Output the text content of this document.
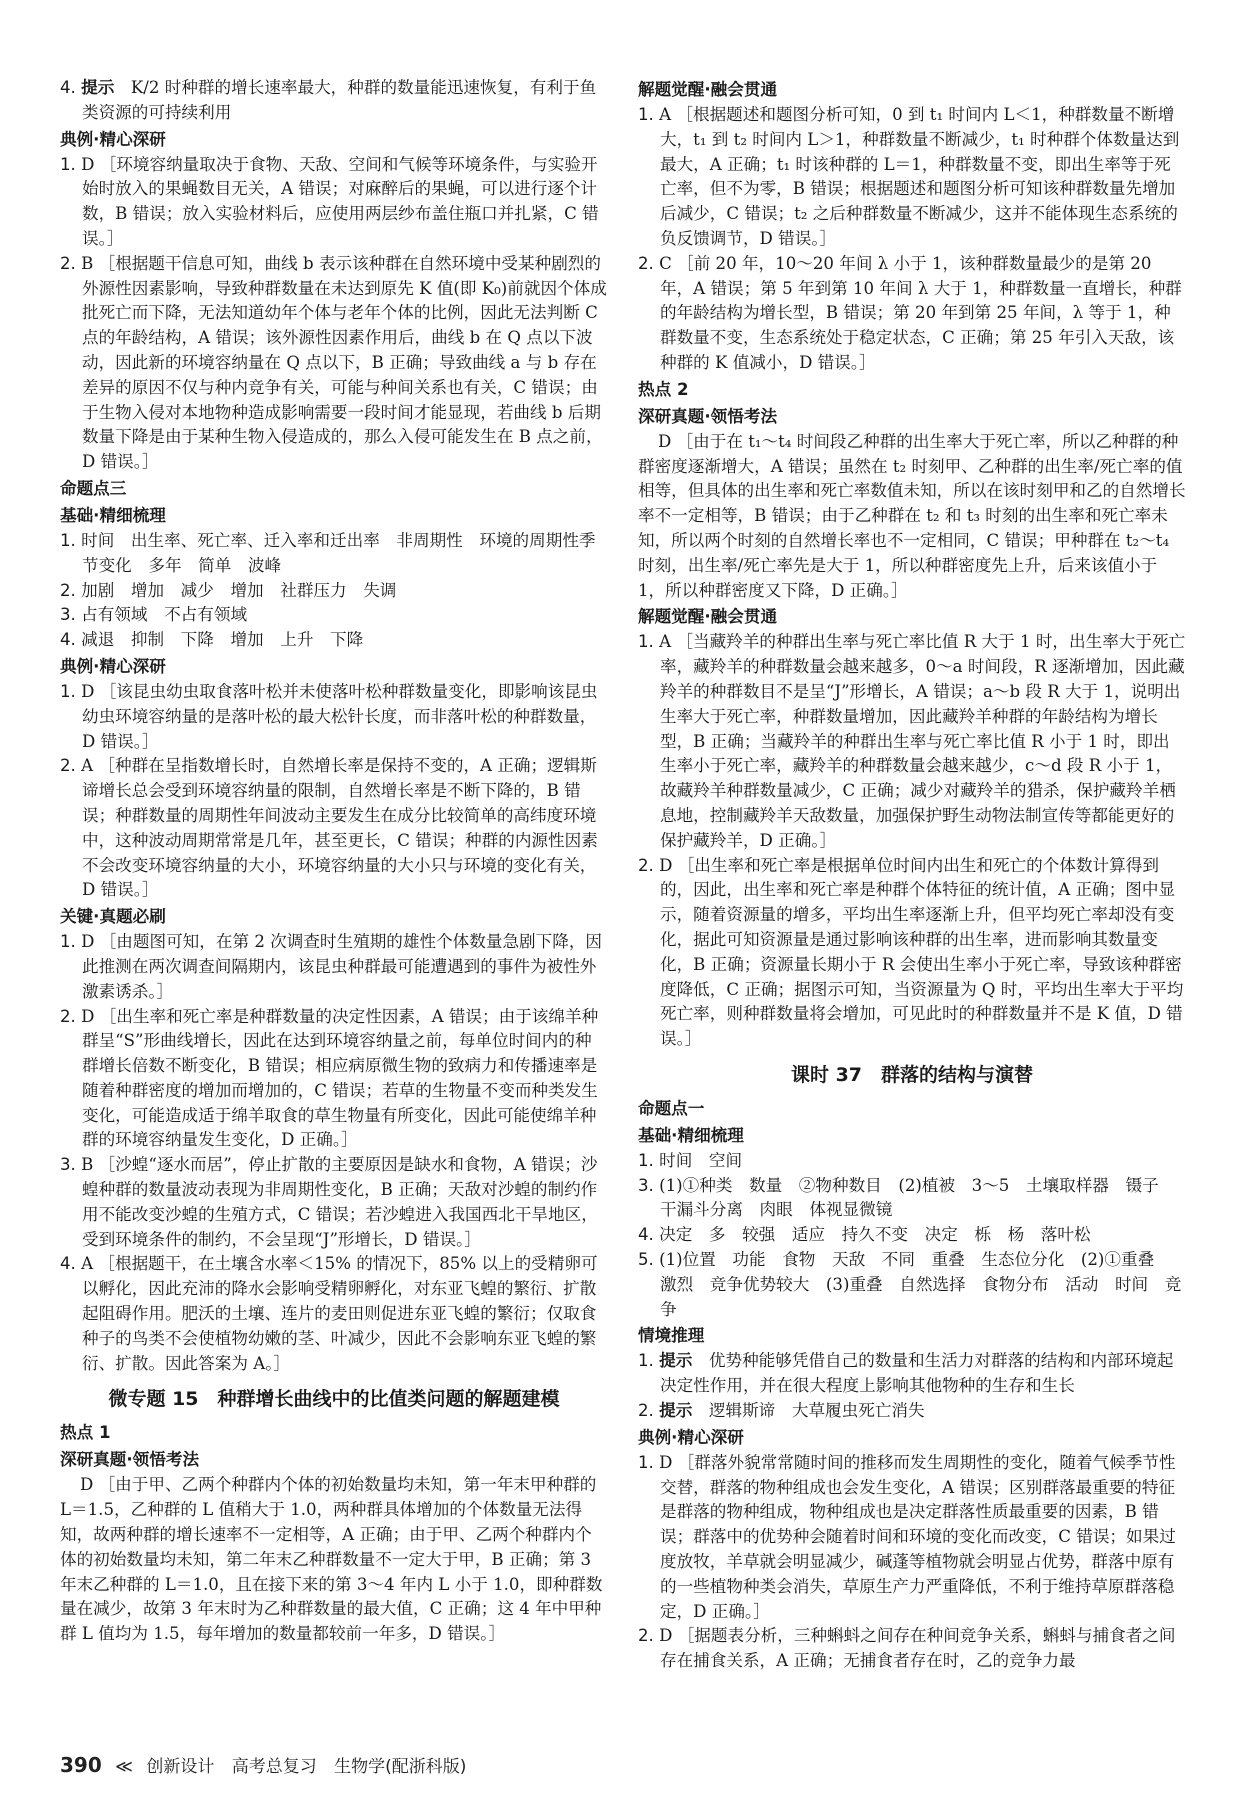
4. 提示　 K/2 时种群的增长速率最大，种群的数量能迅速恢复，有利于鱼类资源的可持续利用

典例·精心深研

1. D ［环境容纳量取决于食物、天敌、空间和气候等环境条件，与实验开始时放入的果蝇数目无关，A 错误；对麻醉后的果蝇，可以进行逐个计数，B 错误；放入实验材料后，应使用两层纱布盖住瓶口并扎紧，C 错误。］

2. B ［根据题干信息可知，曲线 b 表示该种群在自然环境中受某种剧烈的外源性因素影响，导致种群数量在未达到原先 K 值(即 K₀)前就因个体成批死亡而下降，无法知道幼年个体与老年个体的比例，因此无法判断 C 点的年龄结构，A 错误；该外源性因素作用后，曲线 b 在 Q 点以下波动，因此新的环境容纳量在 Q 点以下，B 正确；导致曲线 a 与 b 存在差异的原因不仅与种内竞争有关，可能与种间关系也有关，C 错误；由于生物入侵对本地物种造成影响需要一段时间才能显现，若曲线 b 后期数量下降是由于某种生物入侵造成的，那么入侵可能发生在 B 点之前，D 错误。］

命题点三
基础·精细梳理

1. 时间　出生率、死亡率、迁入率和迁出率　非周期性　环境的周期性季节变化　多年　简单　波峰

2. 加剧　增加　减少　增加　社群压力　失调

3. 占有领域　不占有领域

4. 减退　抑制　下降　增加　上升　下降

典例·精心深研

1. D ［该昆虫幼虫取食落叶松并未使落叶松种群数量变化，即影响该昆虫幼虫环境容纳量的是落叶松的最大松针长度，而非落叶松的种群数量，D 错误。］

2. A ［种群在呈指数增长时，自然增长率是保持不变的，A 正确；逻辑斯谛增长总会受到环境容纳量的限制，自然增长率是不断下降的，B 错误；种群数量的周期性年间波动主要发生在成分比较简单的高纬度环境中，这种波动周期常常是几年，甚至更长，C 错误；种群的内源性因素不会改变环境容纳量的大小，环境容纳量的大小只与环境的变化有关，D 错误。］

关键·真题必刷

1. D ［由题图可知，在第 2 次调查时生殖期的雄性个体数量急剧下降，因此推测在两次调查间隔期内，该昆虫种群最可能遭遇到的事件为被性外激素诱杀。］

2. D ［出生率和死亡率是种群数量的决定性因素，A 错误；由于该绵羊种群呈“S”形曲线增长，因此在达到环境容纳量之前，每单位时间内的种群增长倍数不断变化，B 错误；相应病原微生物的致病力和传播速率是随着种群密度的增加而增加的，C 错误；若草的生物量不变而种类发生变化，可能造成适于绵羊取食的草生物量有所变化，因此可能使绵羊种群的环境容纳量发生变化，D 正确。］

3. B ［沙蝗“逐水而居”，停止扩散的主要原因是缺水和食物，A 错误；沙蝗种群的数量波动表现为非周期性变化，B 正确；天敌对沙蝗的制约作用不能改变沙蝗的生殖方式，C 错误；若沙蝗进入我国西北干旱地区，受到环境条件的制约，不会呈现“J”形增长，D 错误。］

4. A ［根据题干，在土壤含水率＜15% 的情况下，85% 以上的受精卵可以孵化，因此充沛的降水会影响受精卵孵化，对东亚飞蝗的繁衍、扩散起阻碍作用。肥沃的土壤、连片的麦田则促进东亚飞蝗的繁衍；仅取食种子的鸟类不会使植物幼嫩的茎、叶减少，因此不会影响东亚飞蝗的繁衍、扩散。因此答案为 A。］

微专题 15　种群增长曲线中的比值类问题的解题建模
热点 1
深研真题·领悟考法

D ［由于甲、乙两个种群内个体的初始数量均未知，第一年末甲种群的 L＝1.5，乙种群的 L 值稍大于 1.0，两种群具体增加的个体数量无法得知，故两种群的增长速率不一定相等，A 正确；由于甲、乙两个种群内个体的初始数量均未知，第二年末乙种群数量不一定大于甲，B 正确；第 3 年末乙种群的 L＝1.0，且在接下来的第 3～4 年内 L 小于 1.0，即种群数量在减少，故第 3 年末时为乙种群数量的最大值，C 正确；这 4 年中甲种群 L 值均为 1.5，每年增加的数量都较前一年多，D 错误。］

解题觉醒·融会贯通

1. A ［根据题述和题图分析可知，0 到 t₁ 时间内 L＜1，种群数量不断增大，t₁ 到 t₂ 时间内 L＞1，种群数量不断减少，t₁ 时种群个体数量达到最大，A 正确；t₁ 时该种群的 L＝1，种群数量不变，即出生率等于死亡率，但不为零，B 错误；根据题述和题图分析可知该种群数量先增加后减少，C 错误；t₂ 之后种群数量不断减少，这并不能体现生态系统的负反馈调节，D 错误。］

2. C ［前 20 年，10～20 年间 λ 小于 1，该种群数量最少的是第 20 年，A 错误；第 5 年到第 10 年间 λ 大于 1，种群数量一直增长，种群的年龄结构为增长型，B 错误；第 20 年到第 25 年间，λ 等于 1，种群数量不变，生态系统处于稳定状态，C 正确；第 25 年引入天敌，该种群的 K 值减小，D 错误。］

热点 2
深研真题·领悟考法

D ［由于在 t₁～t₄ 时间段乙种群的出生率大于死亡率，所以乙种群的种群密度逐渐增大，A 错误；虽然在 t₂ 时刻甲、乙种群的出生率/死亡率的值相等，但具体的出生率和死亡率数值未知，所以在该时刻甲和乙的自然增长率不一定相等，B 错误；由于乙种群在 t₂ 和 t₃ 时刻的出生率和死亡率未知，所以两个时刻的自然增长率也不一定相同，C 错误；甲种群在 t₂～t₄ 时刻，出生率/死亡率先是大于 1，所以种群密度先上升，后来该值小于 1，所以种群密度又下降，D 正确。］

解题觉醒·融会贯通

1. A ［当藏羚羊的种群出生率与死亡率比值 R 大于 1 时，出生率大于死亡率，藏羚羊的种群数量会越来越多，0～a 时间段，R 逐渐增加，因此藏羚羊的种群数目不是呈“J”形增长，A 错误；a～b 段 R 大于 1，说明出生率大于死亡率，种群数量增加，因此藏羚羊种群的年龄结构为增长型，B 正确；当藏羚羊的种群出生率与死亡率比值 R 小于 1 时，即出生率小于死亡率，藏羚羊的种群数量会越来越少，c～d 段 R 小于 1，故藏羚羊种群数量减少，C 正确；减少对藏羚羊的猎杀，保护藏羚羊栖息地，控制藏羚羊天敌数量，加强保护野生动物法制宣传等都能更好的保护藏羚羊，D 正确。］

2. D ［出生率和死亡率是根据单位时间内出生和死亡的个体数计算得到的，因此，出生率和死亡率是种群个体特征的统计值，A 正确；图中显示，随着资源量的增多，平均出生率逐渐上升，但平均死亡率却没有变化，据此可知资源量是通过影响该种群的出生率，进而影响其数量变化，B 正确；资源量长期小于 R 会使出生率小于死亡率，导致该种群密度降低，C 正确；据图示可知，当资源量为 Q 时，平均出生率大于平均死亡率，则种群数量将会增加，可见此时的种群数量并不是 K 值，D 错误。］

课时 37　群落的结构与演替
命题点一
基础·精细梳理

1. 时间　空间

3. (1)①种类　数量　②物种数目　(2)植被　3～5　土壤取样器　镊子　干漏斗分离　肉眼　体视显微镜

4. 决定　多　较强　适应　持久不变　决定　栎　杨　落叶松

5. (1)位置　功能　食物　天敌　不同　重叠　生态位分化　(2)①重叠　激烈　竞争优势较大　(3)重叠　自然选择　食物分布　活动　时间　竞争

情境推理

1. 提示　 优势种能够凭借自己的数量和生活力对群落的结构和内部环境起决定性作用，并在很大程度上影响其他物种的生存和生长

2. 提示　 逻辑斯谛　大草履虫死亡消失

典例·精心深研

1. D ［群落外貌常常随时间的推移而发生周期性的变化，随着气候季节性交替，群落的物种组成也会发生变化，A 错误；区别群落最重要的特征是群落的物种组成，物种组成也是决定群落性质最重要的因素，B 错误；群落中的优势种会随着时间和环境的变化而改变，C 错误；如果过度放牧，羊草就会明显减少，碱蓬等植物就会明显占优势，群落中原有的一些植物种类会消失，草原生产力严重降低，不利于维持草原群落稳定，D 正确。］

2. D ［据题表分析，三种蝌蚪之间存在种间竞争关系，蝌蚪与捕食者之间存在捕食关系，A 正确；无捕食者存在时，乙的竞争力最

390 ≪ 创新设计 高考总复习 生物学(配浙科版)
